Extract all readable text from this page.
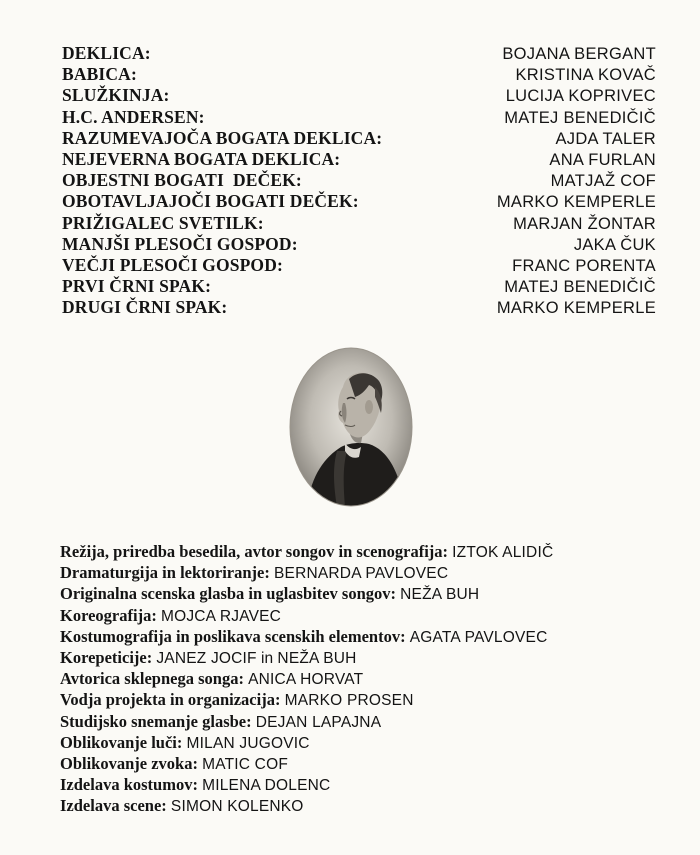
DEKLICA:	BOJANA BERGANT
BABICA:	KRISTINA KOVAČ
SLUŽKINJA:	LUCIJA KOPRIVEC
H.C. ANDERSEN:	MATEJ BENEDIČIČ
RAZUMEVAJOČA BOGATA DEKLICA:	AJDA TALER
NEJEVERNA BOGATA DEKLICA:	ANA FURLAN
OBJESTNI BOGATI  DEČEK:	MATJAŽ COF
OBOTAVLJAJOČI BOGATI DEČEK:	MARKO KEMPERLE
PRIŽIGALEC SVETILK:	MARJAN ŽONTAR
MANJŠI PLESOČI GOSPOD:	JAKA ČUK
VEČJI PLESOČI GOSPOD:	FRANC PORENTA
PRVI ČRNI SPAK:	MATEJ BENEDIČIČ
DRUGI ČRNI SPAK:	MARKO KEMPERLE
Režija, priredba besedila, avtor songov in scenografija: IZTOK ALIDIČ
Dramaturgija in lektoriranje: BERNARDA PAVLOVEC
Originalna scenska glasba in uglasbitev songov: NEŽA BUH
Koreografija: MOJCA RJAVEC
Kostumografija in poslikava scenskih elementov: AGATA PAVLOVEC
Korepeticije: JANEZ JOCIF in NEŽA BUH
Avtorica sklepnega songa: ANICA HORVAT
Vodja projekta in organizacija: MARKO PROSEN
Studijsko snemanje glasbe: DEJAN LAPAJNA
Oblikovanje luči: MILAN JUGOVIC
Oblikovanje zvoka: MATIC COF
Izdelava kostumov: MILENA DOLENC
Izdelava scene: SIMON KOLENKO
